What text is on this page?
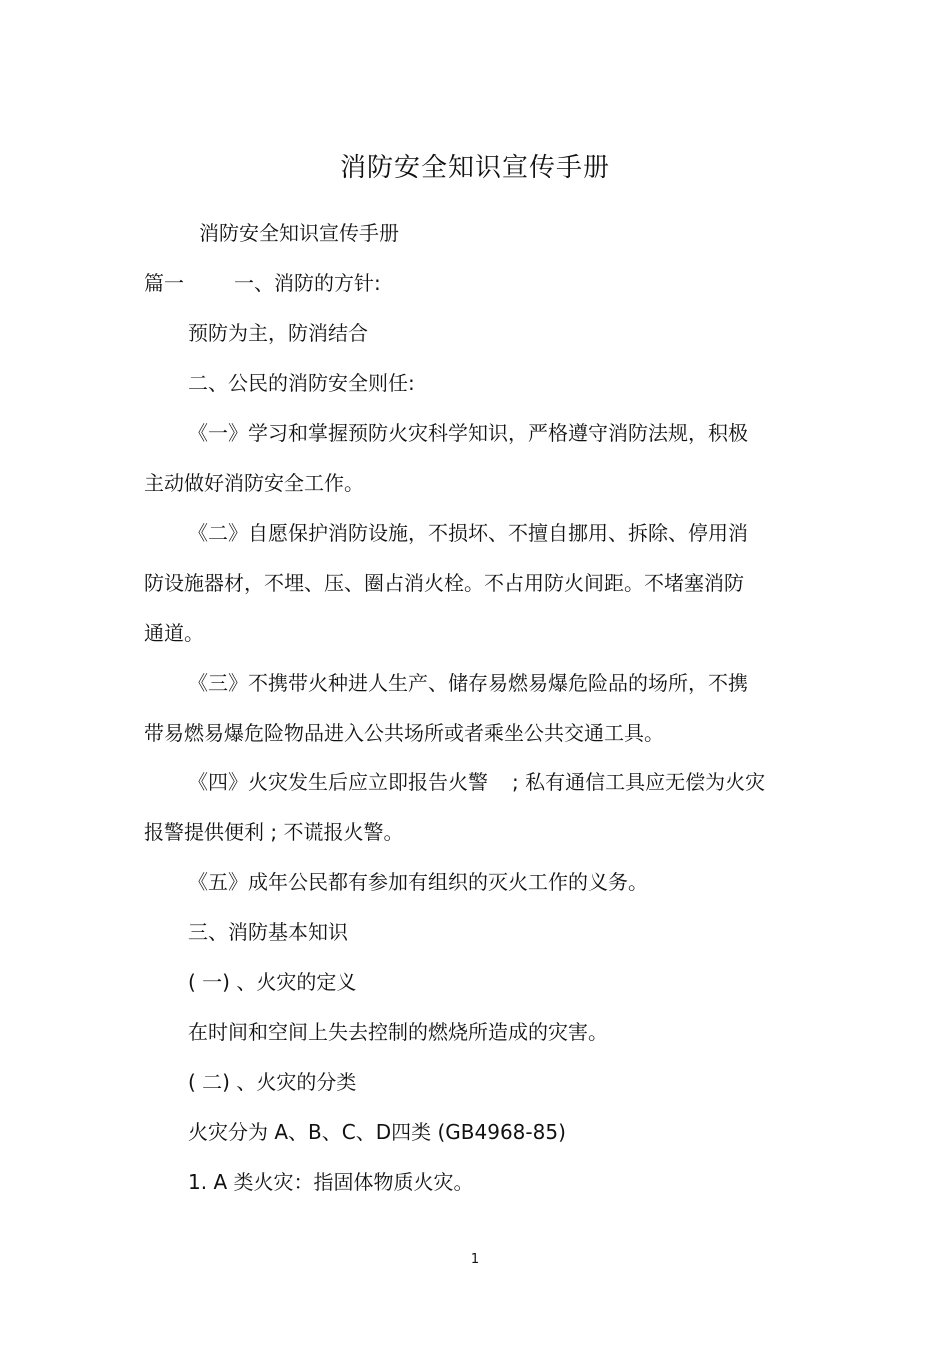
消防安全知识宣传手册
消防安全知识宣传手册
篇一	一、消防的方针:
预防为主，防消结合
二、公民的消防安全则任:
《一》学习和掌握预防火灾科学知识，严格遵守消防法规，积极
主动做好消防安全工作。
《二》自愿保护消防设施，不损坏、不擅自挪用、拆除、停用消
防设施器材，不埋、压、圈占消火栓。不占用防火间距。不堵塞消防
通道。
《三》不携带火种进人生产、储存易燃易爆危险品的场所，不携
带易燃易爆危险物品进入公共场所或者乘坐公共交通工具。
《四》火灾发生后应立即报告火警 ; 私有通信工具应无偿为火灾
报警提供便利 ; 不谎报火警。
《五》成年公民都有参加有组织的灭火工作的义务。
三、消防基本知识
( 一) 、火灾的定义
在时间和空间上失去控制的燃烧所造成的灾害。
( 二) 、火灾的分类
火灾分为 A、B、C、D四类 (GB4968-85)
1. A 类火灾：指固体物质火灾。
1
